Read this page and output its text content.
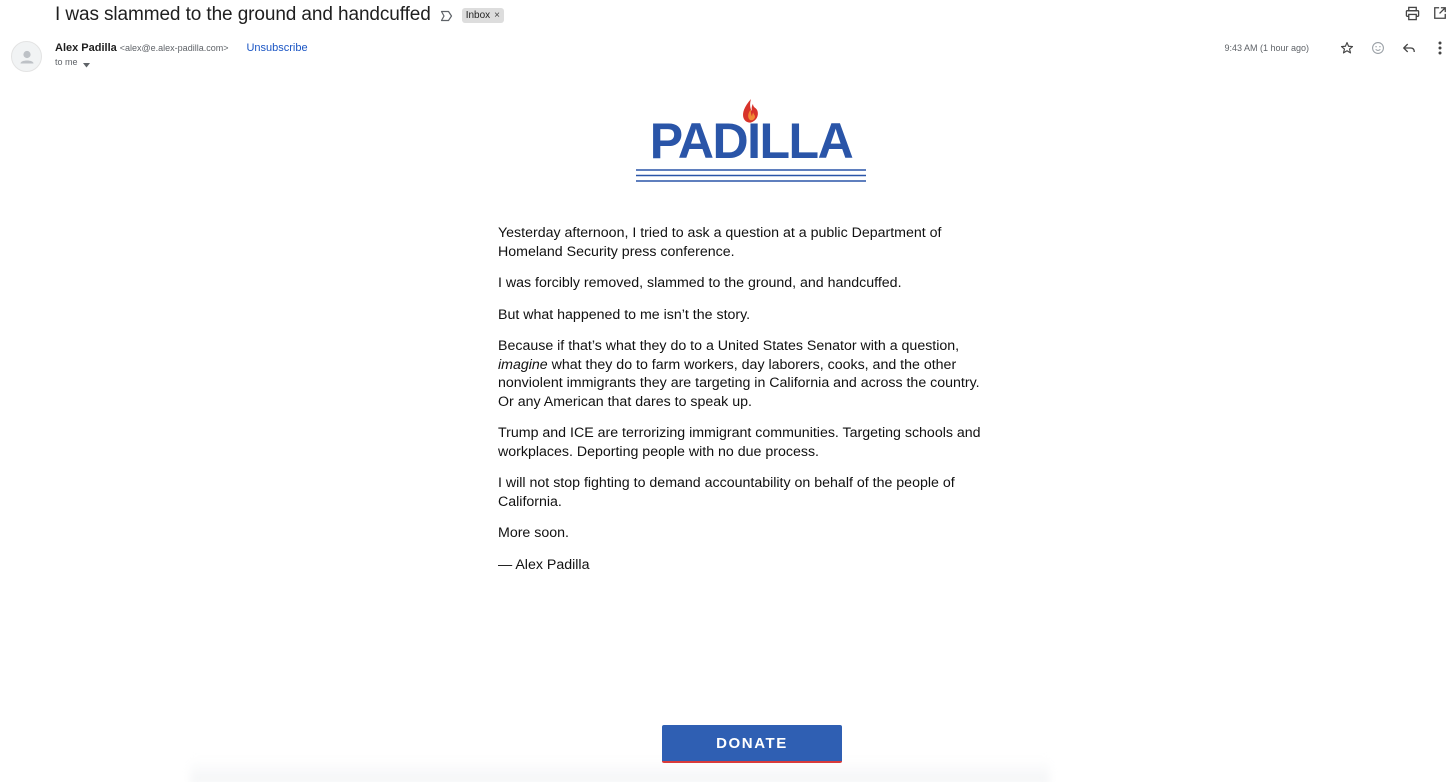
I was slammed to the ground and handcuffed	Inbox ×
Alex Padilla <alex@e.alex-padilla.com> Unsubscribe
to me
9:43 AM (1 hour ago)
PADILLA

Yesterday afternoon, I tried to ask a question at a public Department of Homeland Security press conference.

I was forcibly removed, slammed to the ground, and handcuffed.

But what happened to me isn’t the story.

Because if that’s what they do to a United States Senator with a question, imagine what they do to farm workers, day laborers, cooks, and the other nonviolent immigrants they are targeting in California and across the country. Or any American that dares to speak up.

Trump and ICE are terrorizing immigrant communities. Targeting schools and workplaces. Deporting people with no due process.

I will not stop fighting to demand accountability on behalf of the people of California.

More soon.

— Alex Padilla

DONATE
